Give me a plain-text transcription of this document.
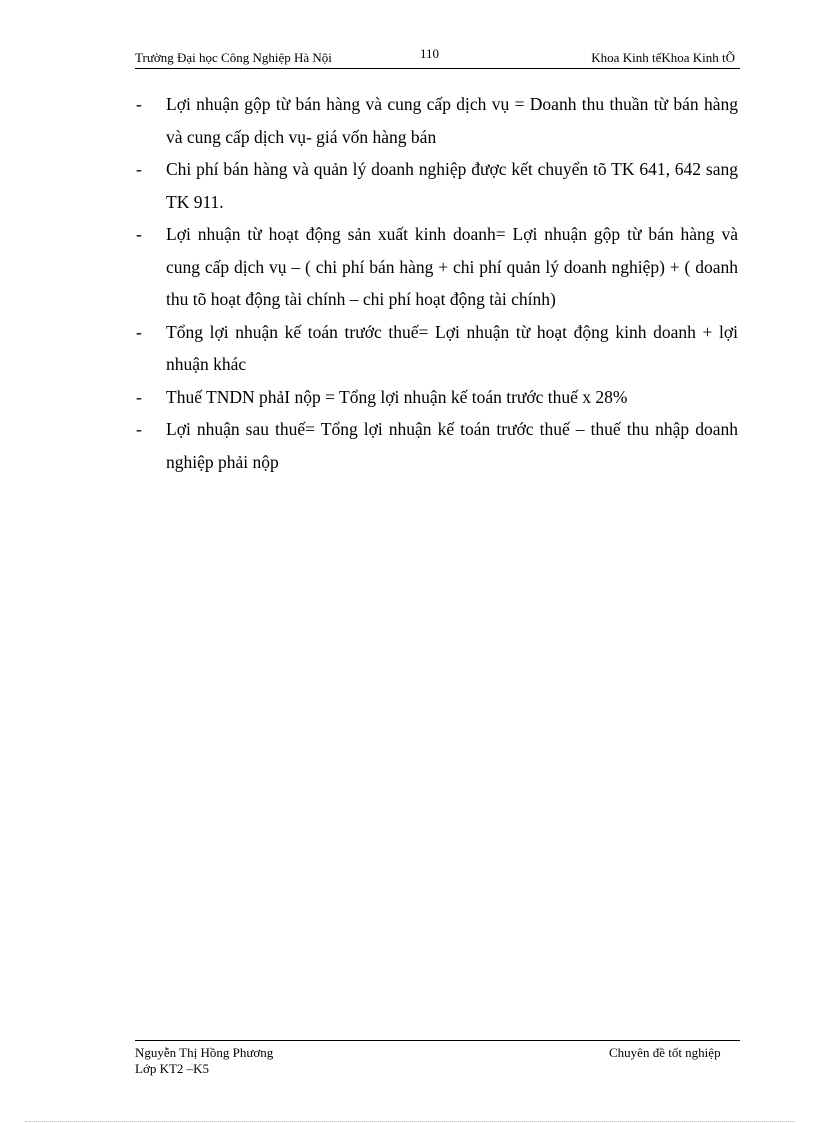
Trường Đại học Công Nghiệp Hà Nội	110	Khoa Kinh tếKhoa Kinh tÕ
- Lợi nhuận gộp từ bán hàng và cung cấp dịch vụ = Doanh thu thuần từ bán hàng và cung cấp dịch vụ- giá vốn hàng bán
- Chi phí bán hàng và quản lý doanh nghiệp được kết chuyển tõ TK 641, 642 sang TK 911.
- Lợi nhuận từ hoạt động sản xuất kinh doanh= Lợi nhuận gộp từ bán hàng và cung cấp dịch vụ – ( chi phí bán hàng + chi phí quản lý doanh nghiệp) + ( doanh thu tõ hoạt động tài chính – chi phí hoạt động tài chính)
- Tổng lợi nhuận kế toán trước thuế= Lợi nhuận từ hoạt động kinh doanh + lợi nhuận khác
- Thuế TNDN phảI nộp = Tổng lợi nhuận kế toán trước thuế x 28%
- Lợi nhuận sau thuế= Tổng lợi nhuận kế toán trước thuế – thuế thu nhập doanh nghiệp phải nộp
Nguyễn Thị Hồng Phương
Lớp KT2 –K5
Chuyên đề tốt nghiệp
